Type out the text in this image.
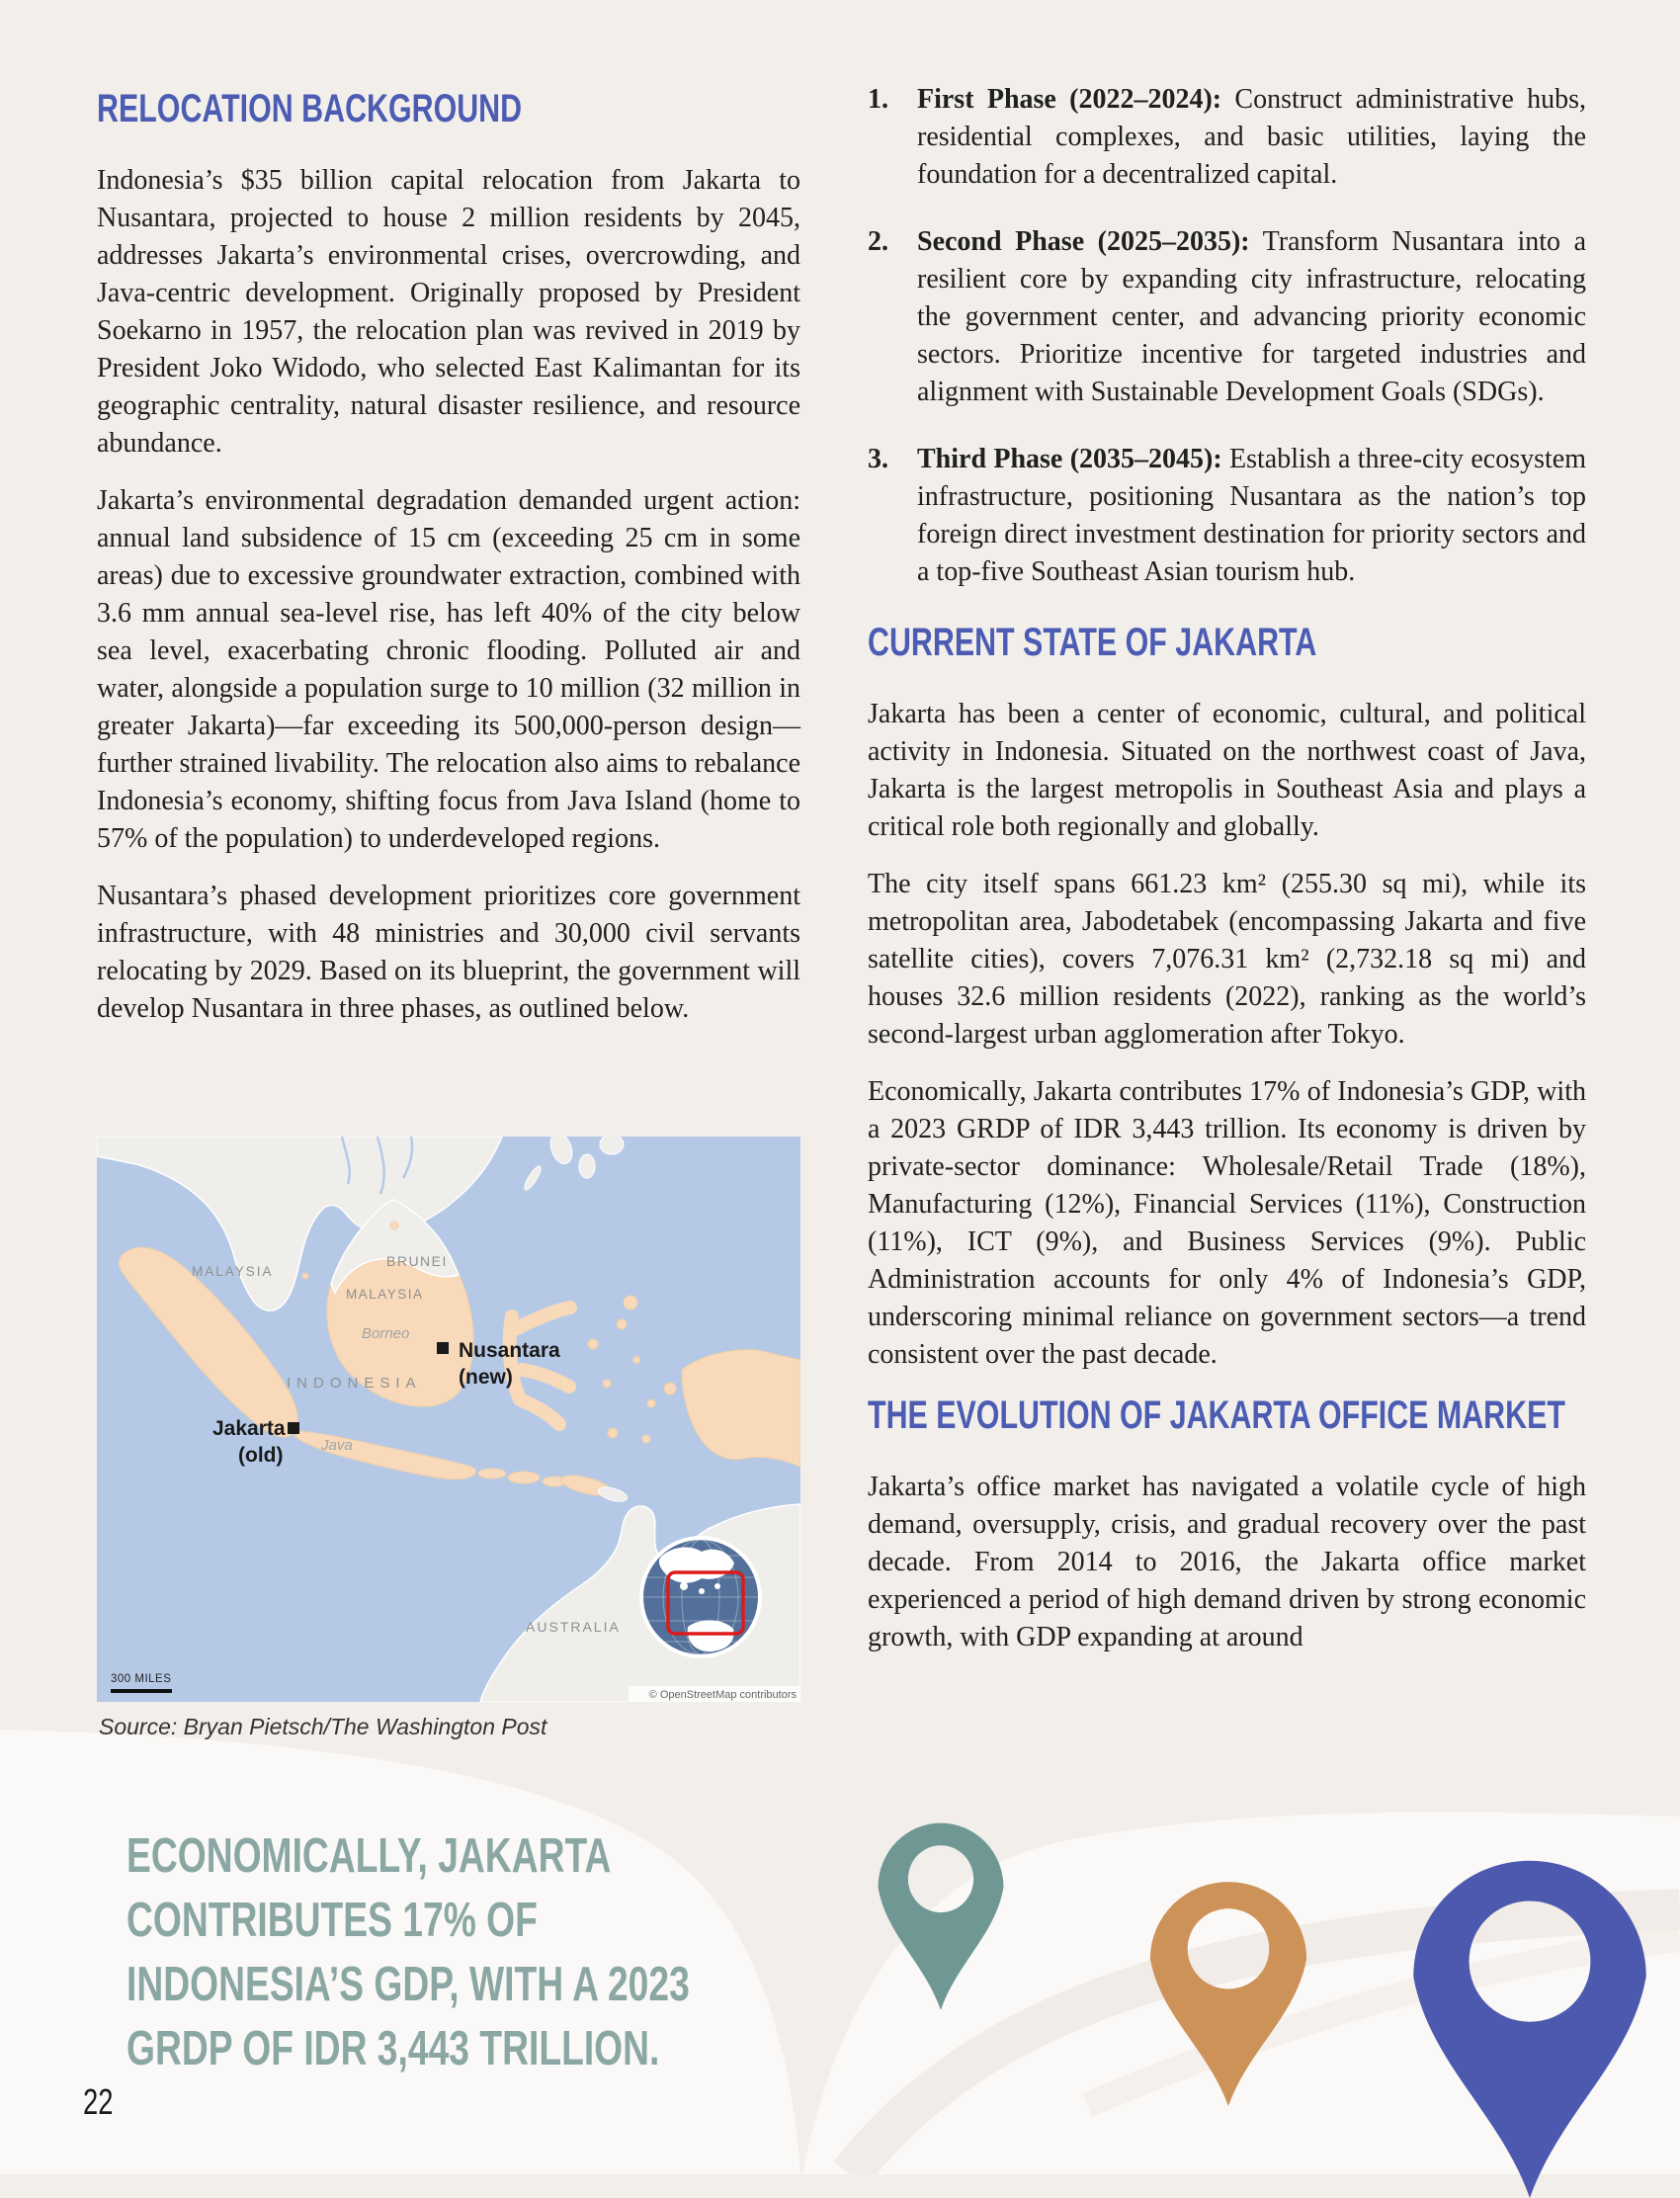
RELOCATION BACKGROUND

Indonesia’s $35 billion capital relocation from Jakarta to Nusantara, projected to house 2 million residents by 2045, addresses Jakarta’s environmental crises, overcrowding, and Java-centric development. Originally proposed by President Soekarno in 1957, the relocation plan was revived in 2019 by President Joko Widodo, who selected East Kalimantan for its geographic centrality, natural disaster resilience, and resource abundance.

Jakarta’s environmental degradation demanded urgent action: annual land subsidence of 15 cm (exceeding 25 cm in some areas) due to excessive groundwater extraction, combined with 3.6 mm annual sea-level rise, has left 40% of the city below sea level, exacerbating chronic flooding. Polluted air and water, alongside a population surge to 10 million (32 million in greater Jakarta)—far exceeding its 500,000-person design—further strained livability. The relocation also aims to rebalance Indonesia’s economy, shifting focus from Java Island (home to 57% of the population) to underdeveloped regions.

Nusantara’s phased development prioritizes core government infrastructure, with 48 ministries and 30,000 civil servants relocating by 2029. Based on its blueprint, the government will develop Nusantara in three phases, as outlined below.

1.	First Phase (2022–2024): Construct administrative hubs, residential complexes, and basic utilities, laying the foundation for a decentralized capital.
2.	Second Phase (2025–2035): Transform Nusantara into a resilient core by expanding city infrastructure, relocating the government center, and advancing priority economic sectors. Prioritize incentive for targeted industries and alignment with Sustainable Development Goals (SDGs).
3.	Third Phase (2035–2045): Establish a three-city ecosystem infrastructure, positioning Nusantara as the nation’s top foreign direct investment destination for priority sectors and a top-five Southeast Asian tourism hub.
CURRENT STATE OF JAKARTA

Jakarta has been a center of economic, cultural, and political activity in Indonesia. Situated on the northwest coast of Java, Jakarta is the largest metropolis in Southeast Asia and plays a critical role both regionally and globally.

The city itself spans 661.23 km² (255.30 sq mi), while its metropolitan area, Jabodetabek (encompassing Jakarta and five satellite cities), covers 7,076.31 km² (2,732.18 sq mi) and houses 32.6 million residents (2022), ranking as the world’s second-largest urban agglomeration after Tokyo.

Economically, Jakarta contributes 17% of Indonesia’s GDP, with a 2023 GRDP of IDR 3,443 trillion. Its economy is driven by private-sector dominance: Wholesale/Retail Trade (18%), Manufacturing (12%), Financial Services (11%), Construction (11%), ICT (9%), and Business Services (9%). Public Administration accounts for only 4% of Indonesia’s GDP, underscoring minimal reliance on government sectors—a trend consistent over the past decade.

THE EVOLUTION OF JAKARTA OFFICE MARKET

Jakarta’s office market has navigated a volatile cycle of high demand, oversupply, crisis, and gradual recovery over the past decade. From 2014 to 2016, the Jakarta office market experienced a period of high demand driven by strong economic growth, with GDP expanding at around

MALAYSIA
BRUNEI
MALAYSIA
Borneo
INDONESIA
Java
AUSTRALIA
Nusantara
(new)
Jakarta
(old)
300 MILES
© OpenStreetMap contributors
Source: Bryan Pietsch/The Washington Post
ECONOMICALLY, JAKARTA
CONTRIBUTES 17% OF
INDONESIA’S GDP, WITH A 2023
GRDP OF IDR 3,443 TRILLION.
22
